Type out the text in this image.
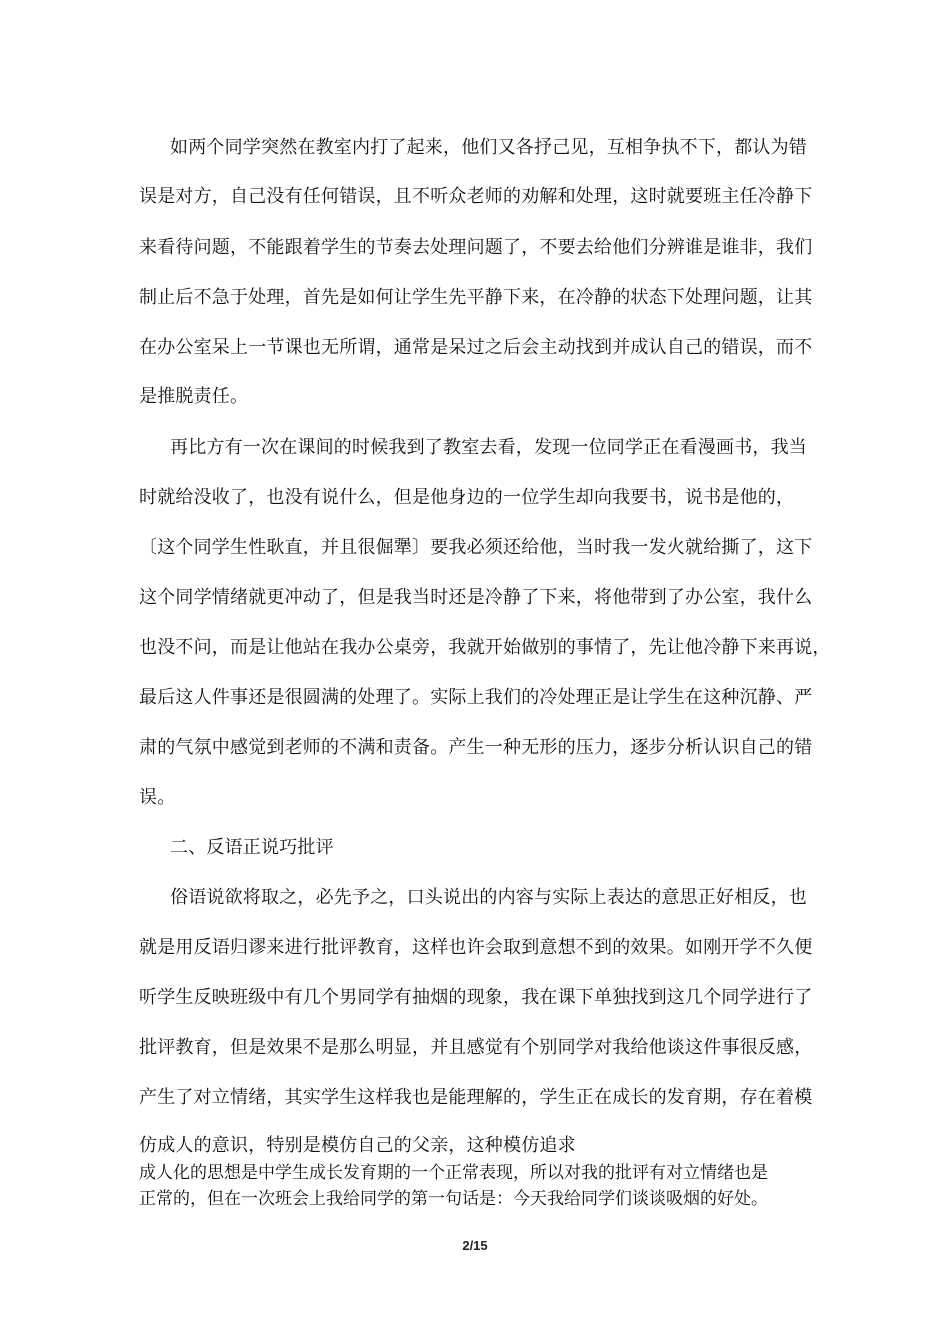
如两个同学突然在教室内打了起来，他们又各抒己见，互相争执不下，都认为错
误是对方，自己没有任何错误，且不听众老师的劝解和处理，这时就要班主任冷静下
来看待问题，不能跟着学生的节奏去处理问题了，不要去给他们分辨谁是谁非，我们
制止后不急于处理，首先是如何让学生先平静下来，在冷静的状态下处理问题，让其
在办公室呆上一节课也无所谓，通常是呆过之后会主动找到并成认自己的错误，而不
是推脱责任。
再比方有一次在课间的时候我到了教室去看，发现一位同学正在看漫画书，我当
时就给没收了，也没有说什么，但是他身边的一位学生却向我要书，说书是他的，
〔这个同学生性耿直，并且很倔犟〕要我必须还给他，当时我一发火就给撕了，这下
这个同学情绪就更冲动了，但是我当时还是冷静了下来，将他带到了办公室，我什么
也没不问，而是让他站在我办公桌旁，我就开始做别的事情了，先让他冷静下来再说，
最后这人件事还是很圆满的处理了。实际上我们的冷处理正是让学生在这种沉静、严
肃的气氛中感觉到老师的不满和责备。产生一种无形的压力，逐步分析认识自己的错
误。
二、反语正说巧批评
俗语说欲将取之，必先予之，口头说出的内容与实际上表达的意思正好相反，也
就是用反语归谬来进行批评教育，这样也许会取到意想不到的效果。如刚开学不久便
听学生反映班级中有几个男同学有抽烟的现象，我在课下单独找到这几个同学进行了
批评教育，但是效果不是那么明显，并且感觉有个别同学对我给他谈这件事很反感，
产生了对立情绪，其实学生这样我也是能理解的，学生正在成长的发育期，存在着模
仿成人的意识，特别是模仿自己的父亲，这种模仿追求
成人化的思想是中学生成长发育期的一个正常表现，所以对我的批评有对立情绪也是
正常的，但在一次班会上我给同学的第一句话是：今天我给同学们谈谈吸烟的好处。
2/15
